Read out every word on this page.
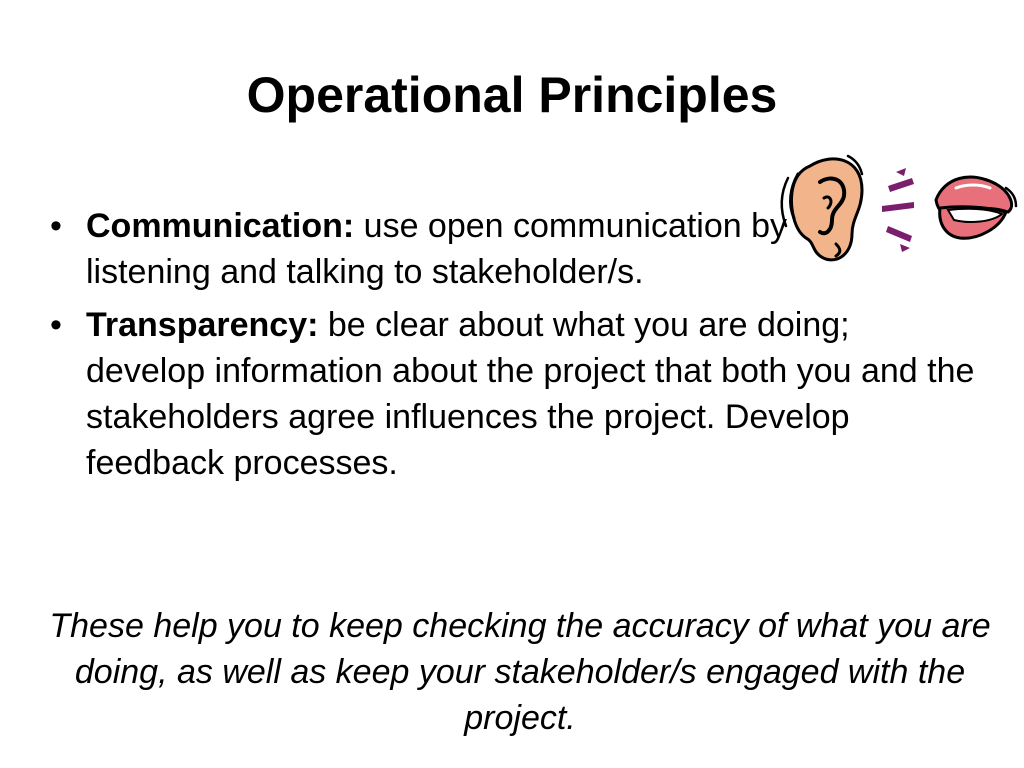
Operational Principles
• Communication: use open communication by listening and talking to stakeholder/s.
• Transparency: be clear about what you are doing; develop information about the project that both you and the stakeholders agree influences the project. Develop feedback processes.

These help you to keep checking the accuracy of what you are doing, as well as keep your stakeholder/s engaged with the project.
